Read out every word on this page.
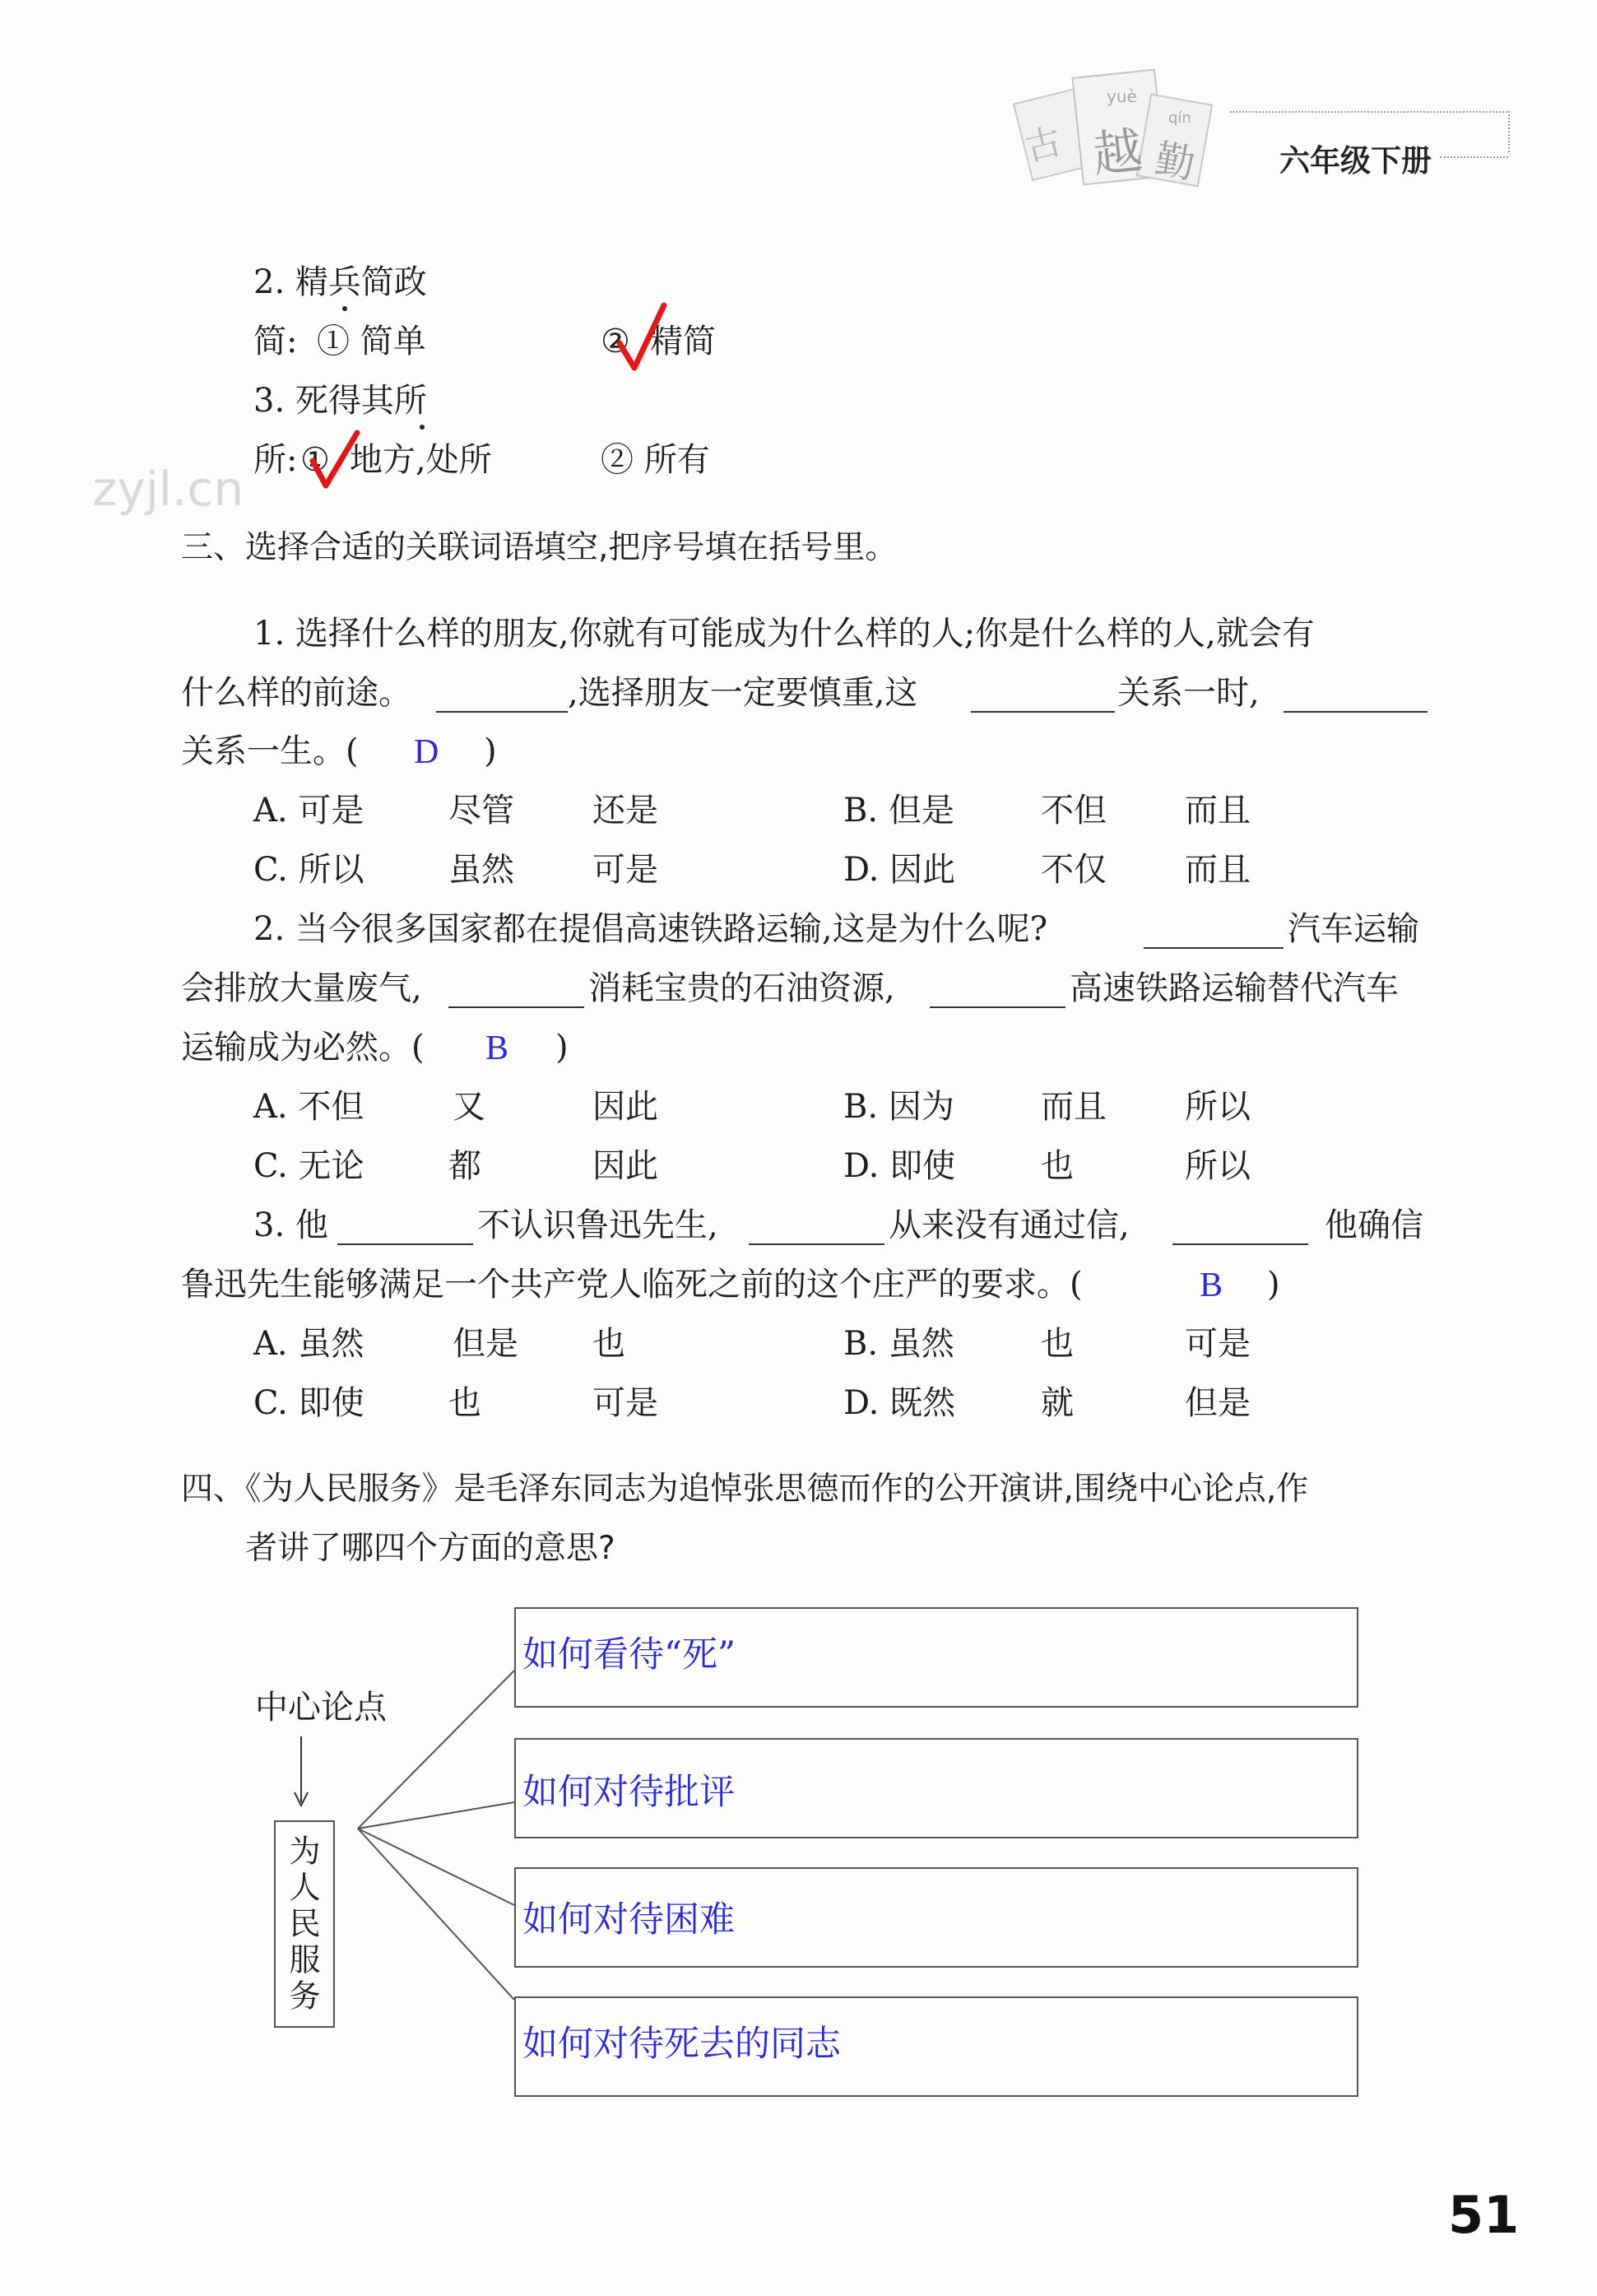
古 越 勤
yuè
qín
六年级下册
zyjl.cn
2. 精兵简政
简: ① 简单	② 精简
3. 死得其所
所: ① 地方,处所	② 所有
三、选择合适的关联词语填空,把序号填在括号里。
1. 选择什么样的朋友,你就有可能成为什么样的人;你是什么样的人,就会有
什么样的前途。	,选择朋友一定要慎重,这	关系一时,
关系一生。( D )
A. 可是	尽管 还是	B. 但是	不但 而且
C. 所以	虽然 可是	D. 因此	不仅 而且
2. 当今很多国家都在提倡高速铁路运输,这是为什么呢?	汽车运输
会排放大量废气,	消耗宝贵的石油资源,	高速铁路运输替代汽车
运输成为必然。( B )
A. 不但	又	因此	B. 因为	而且 所以
C. 无论	都	因此	D. 即使	也	所以
3. 他	不认识鲁迅先生,	从来没有通过信,	他确信
鲁迅先生能够满足一个共产党人临死之前的这个庄严的要求。(	B )
A. 虽然	但是 也	B. 虽然	也	可是
C. 即使	也	可是	D. 既然	就	但是
四、《为人民服务》是毛泽东同志为追悼张思德而作的公开演讲,围绕中心论点,作
者讲了哪四个方面的意思?
中心论点
为人民服务
如何看待“死”
如何对待批评
如何对待困难
如何对待死去的同志
51
